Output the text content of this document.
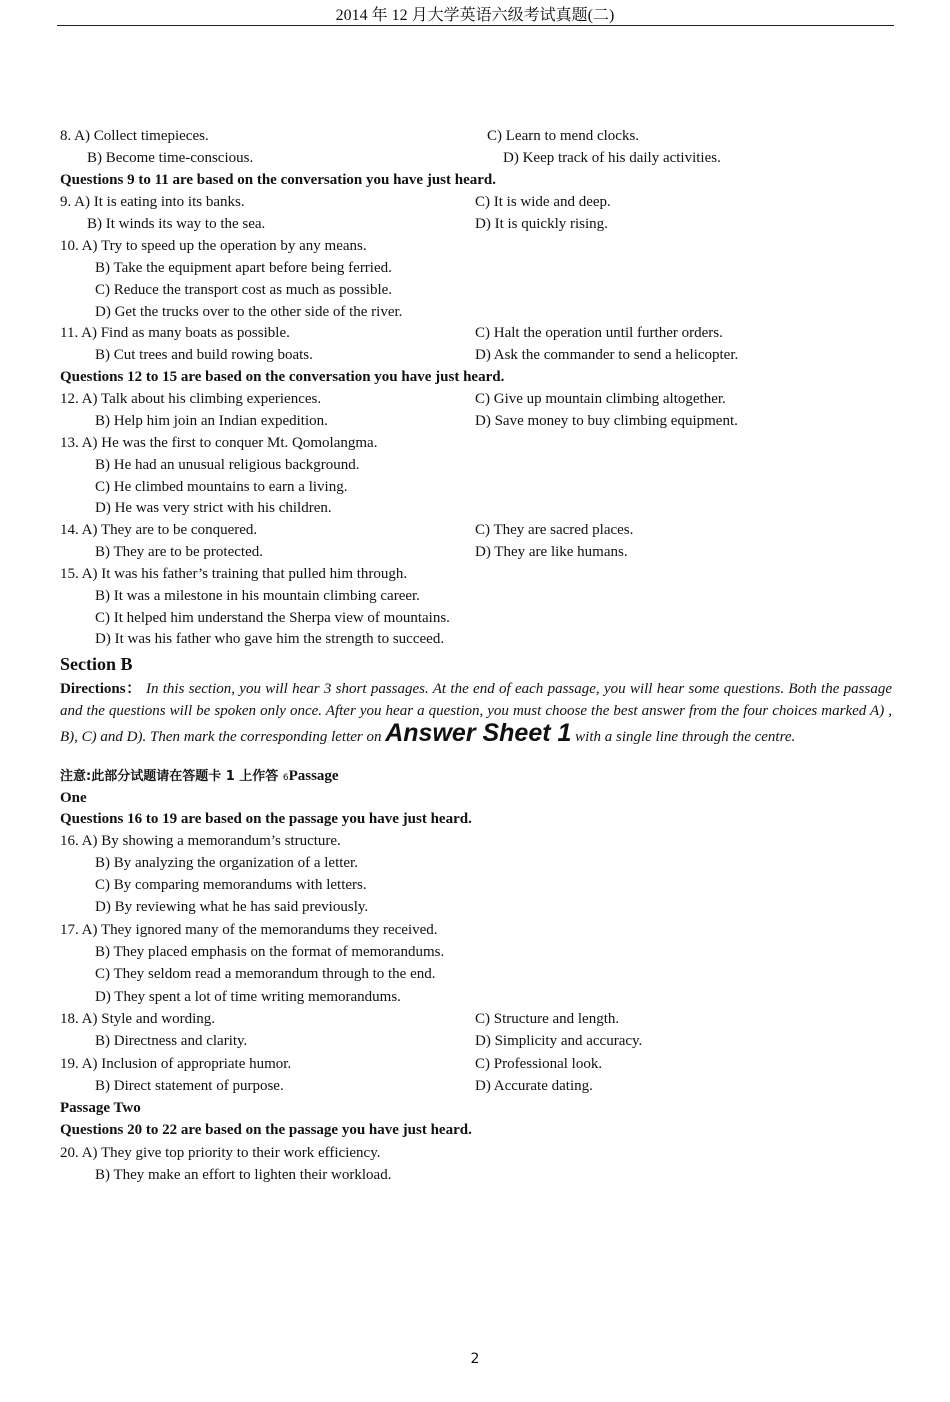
2014 年 12 月大学英语六级考试真题(二)
8. A) Collect timepieces.	C) Learn to mend clocks.
B) Become time-conscious.	D) Keep track of his daily activities.
Questions 9 to 11 are based on the conversation you have just heard.
9. A) It is eating into its banks.	C) It is wide and deep.
B) It winds its way to the sea.	D) It is quickly rising.
10. A) Try to speed up the operation by any means.
B) Take the equipment apart before being ferried.
C) Reduce the transport cost as much as possible.
D) Get the trucks over to the other side of the river.
11. A) Find as many boats as possible.	C) Halt the operation until further orders.
B) Cut trees and build rowing boats.	D) Ask the commander to send a helicopter.
Questions 12 to 15 are based on the conversation you have just heard.
12. A) Talk about his climbing experiences.	C) Give up mountain climbing altogether.
B) Help him join an Indian expedition.	D) Save money to buy climbing equipment.
13. A) He was the first to conquer Mt. Qomolangma.
B) He had an unusual religious background.
C) He climbed mountains to earn a living.
D) He was very strict with his children.
14. A) They are to be conquered.	C) They are sacred places.
B) They are to be protected.	D) They are like humans.
15. A) It was his father’s training that pulled him through.
B) It was a milestone in his mountain climbing career.
C) It helped him understand the Sherpa view of mountains.
D) It was his father who gave him the strength to succeed.
Section B
Directions： In this section, you will hear 3 short passages. At the end of each passage, you will hear some questions. Both the passage and the questions will be spoken only once. After you hear a question, you must choose the best answer from the four choices marked A) , B), C) and D). Then mark the corresponding letter on Answer Sheet 1 with a single line through the centre.
注意:此部分试题请在答题卡 1 上作答 6Passage
One
Questions 16 to 19 are based on the passage you have just heard.
16. A) By showing a memorandum’s structure.
B) By analyzing the organization of a letter.
C) By comparing memorandums with letters.
D) By reviewing what he has said previously.
17. A) They ignored many of the memorandums they received.
B) They placed emphasis on the format of memorandums.
C) They seldom read a memorandum through to the end.
D) They spent a lot of time writing memorandums.
18. A) Style and wording.	C) Structure and length.
B) Directness and clarity.	D) Simplicity and accuracy.
19. A) Inclusion of appropriate humor.	C) Professional look.
B) Direct statement of purpose.	D) Accurate dating.
Passage Two
Questions 20 to 22 are based on the passage you have just heard.
20. A) They give top priority to their work efficiency.
B) They make an effort to lighten their workload.
2
